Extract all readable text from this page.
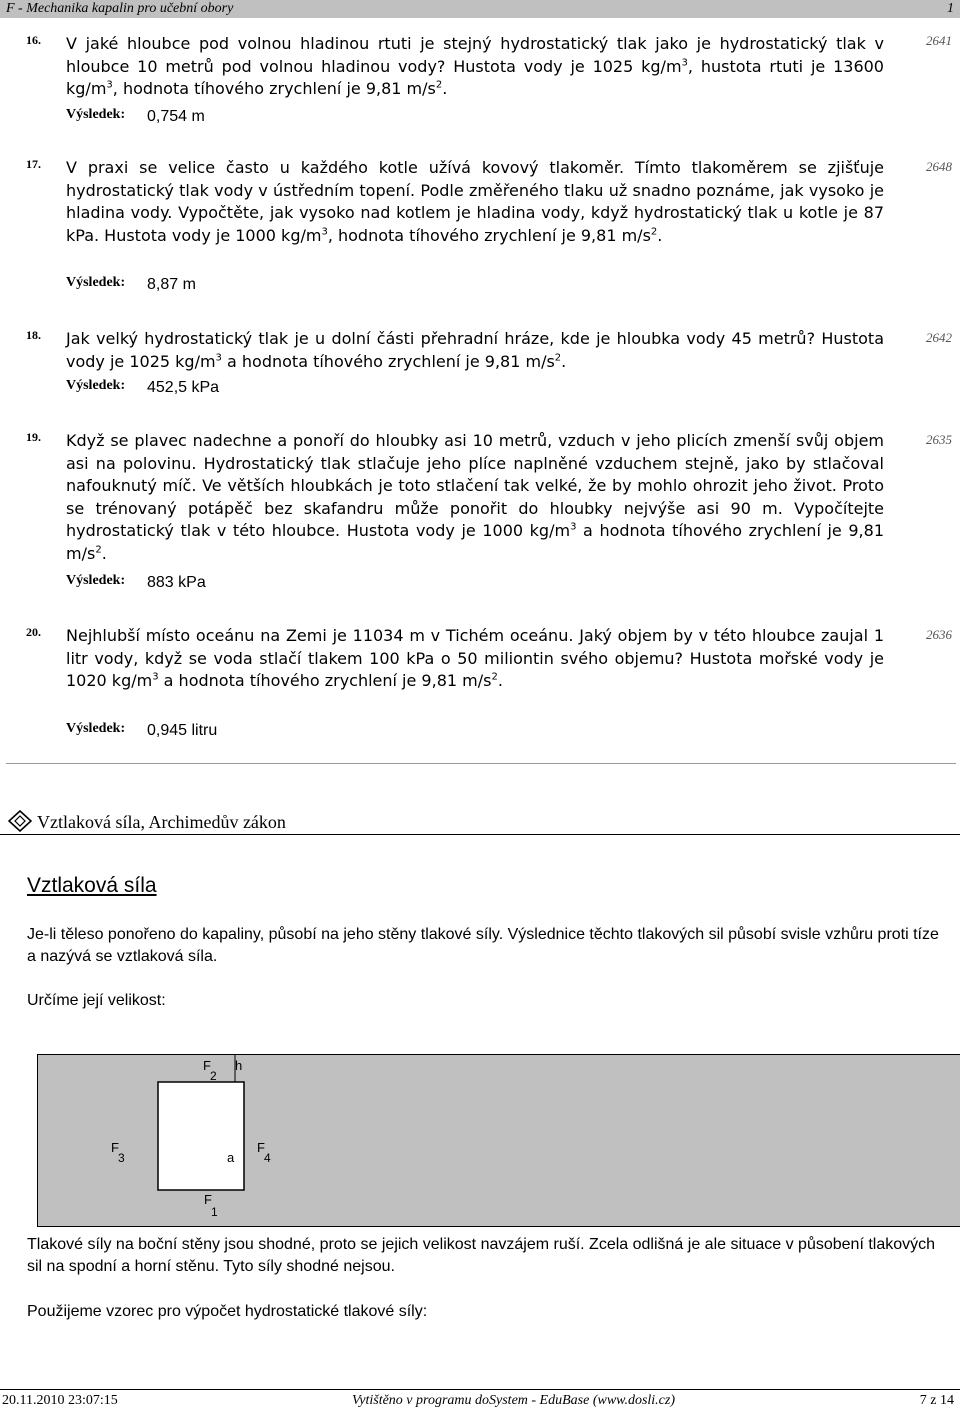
F - Mechanika kapalin pro učební obory	1
16. V jaké hloubce pod volnou hladinou rtuti je stejný hydrostatický tlak jako je hydrostatický tlak v hloubce 10 metrů pod volnou hladinou vody? Hustota vody je 1025 $kg/m^3$, hustota rtuti je 13600 $kg/m^3$, hodnota tíhového zrychlení je 9,81 $m/s^2$.
2641
Výsledek: 0,754 m
17. V praxi se velice často u každého kotle užívá kovový tlakoměr. Tímto tlakoměrem se zjišťuje hydrostatický tlak vody v ústředním topení. Podle změřeného tlaku už snadno poznáme, jak vysoko je hladina vody. Vypočtěte, jak vysoko nad kotlem je hladina vody, když hydrostatický tlak u kotle je 87 kPa. Hustota vody je 1000 $kg/m^3$, hodnota tíhového zrychlení je 9,81 $m/s^2$.
2648
Výsledek: 8,87 m
18. Jak velký hydrostatický tlak je u dolní části přehradní hráze, kde je hloubka vody 45 metrů? Hustota vody je 1025 $kg/m^3$ a hodnota tíhového zrychlení je 9,81 $m/s^2$.
2642
Výsledek: 452,5 kPa
19. Když se plavec nadechne a ponoří do hloubky asi 10 metrů, vzduch v jeho plicích zmenší svůj objem asi na polovinu. Hydrostatický tlak stlačuje jeho plíce naplněné vzduchem stejně, jako by stlačoval nafouknutý míč. Ve větších hloubkách je toto stlačení tak velké, že by mohlo ohrozit jeho život. Proto se trénovaný potápěč bez skafandru může ponořit do hloubky nejvýše asi 90 m. Vypočítejte hydrostatický tlak v této hloubce. Hustota vody je 1000 $kg/m^3$ a hodnota tíhového zrychlení je 9,81 $m/s^2$.
2635
Výsledek: 883 kPa
20. Nejhlubší místo oceánu na Zemi je 11034 m v Tichém oceánu. Jaký objem by v této hloubce zaujal 1 litr vody, když se voda stlačí tlakem 100 kPa o 50 miliontin svého objemu? Hustota mořské vody je 1020 $kg/m^3$ a hodnota tíhového zrychlení je 9,81 $m/s^2$.
2636
Výsledek: 0,945 litru
Vztlaková síla, Archimedův zákon
Vztlaková síla
Je-li těleso ponořeno do kapaliny, působí na jeho stěny tlakové síly. Výslednice těchto tlakových sil působí svisle vzhůru proti tíze a nazývá se vztlaková síla.
Určíme její velikost:
F
2
h
F
3
F
4
a
F
1
Tlakové síly na boční stěny jsou shodné, proto se jejich velikost navzájem ruší. Zcela odlišná je ale situace v působení tlakových sil na spodní a horní stěnu. Tyto síly shodné nejsou.
Použijeme vzorec pro výpočet hydrostatické tlakové síly:
20.11.2010 23:07:15	Vytištěno v programu doSystem - EduBase (www.dosli.cz)	7 z 14
